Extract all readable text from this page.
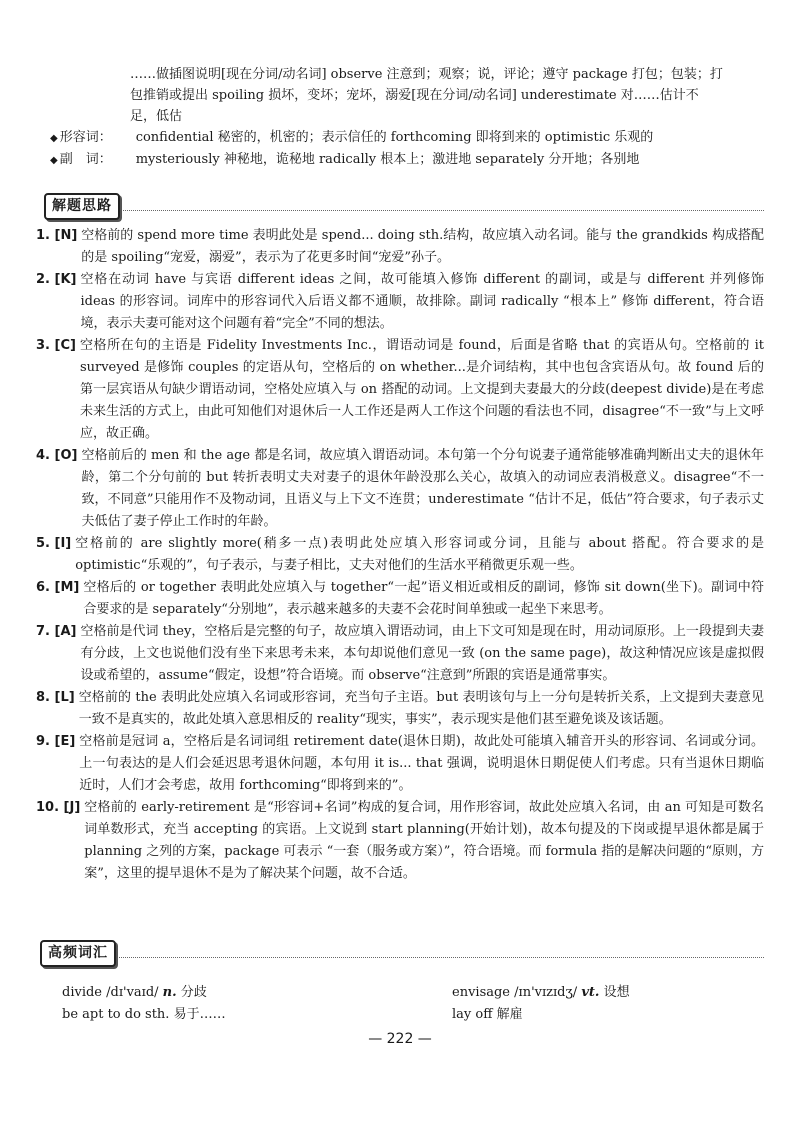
……做插图说明[现在分词/动名词] observe 注意到；观察；说，评论；遵守 package 打包；包装；打
包推销或提出 spoiling 损坏，变坏；宠坏，溺爱[现在分词/动名词] underestimate 对……估计不
足，低估
◆ 形容词： confidential 秘密的，机密的；表示信任的 forthcoming 即将到来的 optimistic 乐观的
◆ 副　词： mysteriously 神秘地，诡秘地 radically 根本上；激进地 separately 分开地；各别地
解题思路
1. [N] 空格前的 spend more time 表明此处是 spend... doing sth.结构，故应填入动名词。能与 the grandkids 构成搭配的是 spoiling“宠爱，溺爱”，表示为了花更多时间“宠爱”孙子。
2. [K] 空格在动词 have 与宾语 different ideas 之间，故可能填入修饰 different 的副词，或是与 different 并列修饰 ideas 的形容词。词库中的形容词代入后语义都不通顺，故排除。副词 radically “根本上” 修饰 different，符合语境，表示夫妻可能对这个问题有着“完全”不同的想法。
3. [C] 空格所在句的主语是 Fidelity Investments Inc.，谓语动词是 found，后面是省略 that 的宾语从句。空格前的 it surveyed 是修饰 couples 的定语从句，空格后的 on whether...是介词结构，其中也包含宾语从句。故 found 后的第一层宾语从句缺少谓语动词，空格处应填入与 on 搭配的动词。上文提到夫妻最大的分歧(deepest divide)是在考虑未来生活的方式上，由此可知他们对退休后一人工作还是两人工作这个问题的看法也不同，disagree“不一致”与上文呼应，故正确。
4. [O] 空格前后的 men 和 the age 都是名词，故应填入谓语动词。本句第一个分句说妻子通常能够准确判断出丈夫的退休年龄，第二个分句前的 but 转折表明丈夫对妻子的退休年龄没那么关心，故填入的动词应表消极意义。disagree“不一致，不同意”只能用作不及物动词，且语义与上下文不连贯；underestimate “估计不足，低估”符合要求，句子表示丈夫低估了妻子停止工作时的年龄。
5. [I] 空格前的 are slightly more(稍多一点)表明此处应填入形容词或分词，且能与 about 搭配。符合要求的是 optimistic“乐观的”，句子表示，与妻子相比，丈夫对他们的生活水平稍微更乐观一些。
6. [M] 空格后的 or together 表明此处应填入与 together“一起”语义相近或相反的副词，修饰 sit down(坐下)。副词中符合要求的是 separately“分别地”，表示越来越多的夫妻不会花时间单独或一起坐下来思考。
7. [A] 空格前是代词 they，空格后是完整的句子，故应填入谓语动词，由上下文可知是现在时，用动词原形。上一段提到夫妻有分歧，上文也说他们没有坐下来思考未来，本句却说他们意见一致 (on the same page)，故这种情况应该是虚拟假设或希望的，assume“假定，设想”符合语境。而 observe“注意到”所跟的宾语是通常事实。
8. [L] 空格前的 the 表明此处应填入名词或形容词，充当句子主语。but 表明该句与上一分句是转折关系，上文提到夫妻意见一致不是真实的，故此处填入意思相反的 reality“现实，事实”，表示现实是他们甚至避免谈及该话题。
9. [E] 空格前是冠词 a，空格后是名词词组 retirement date(退休日期)，故此处可能填入辅音开头的形容词、名词或分词。上一句表达的是人们会延迟思考退休问题，本句用 it is... that 强调，说明退休日期促使人们考虑。只有当退休日期临近时，人们才会考虑，故用 forthcoming“即将到来的”。
10. [J] 空格前的 early-retirement 是“形容词+名词”构成的复合词，用作形容词，故此处应填入名词，由 an 可知是可数名词单数形式，充当 accepting 的宾语。上文说到 start planning(开始计划)，故本句提及的下岗或提早退休都是属于 planning 之列的方案，package 可表示 “一套（服务或方案）”，符合语境。而 formula 指的是解决问题的“原则，方案”，这里的提早退休不是为了解决某个问题，故不合适。
高频词汇
divide /dɪ'vaɪd/ n. 分歧	envisage /ɪn'vɪzɪdʒ/ vt. 设想
be apt to do sth. 易于……	lay off 解雇
— 222 —
